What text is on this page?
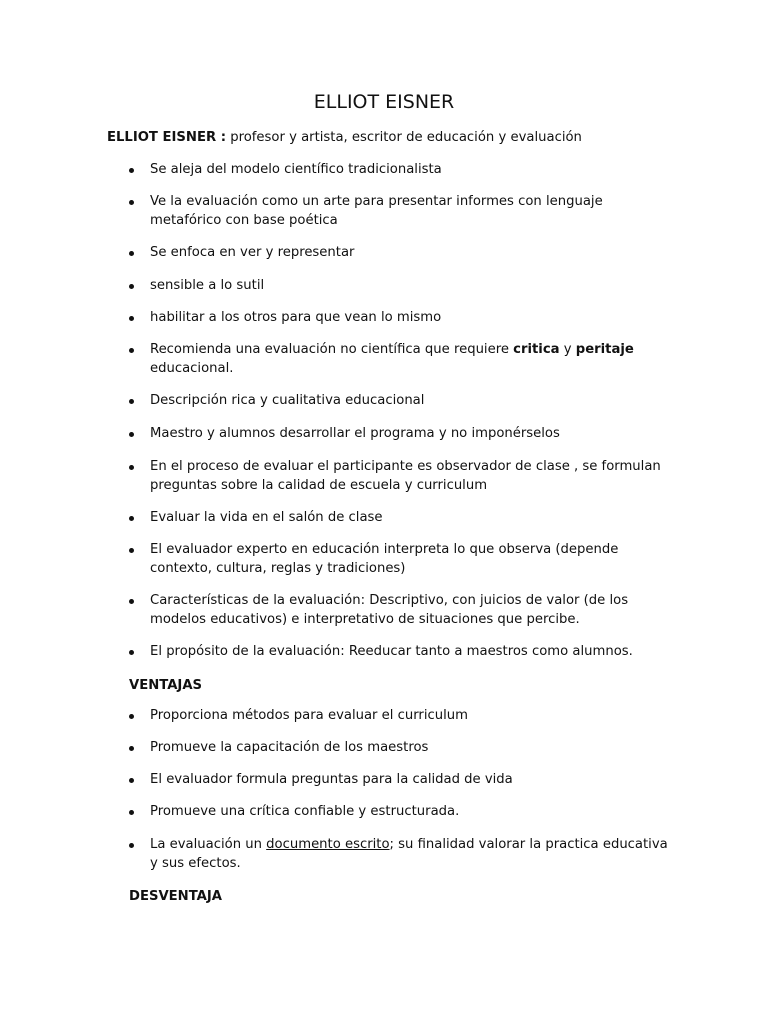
ELLIOT EISNER
ELLIOT EISNER : profesor y artista, escritor de educación y evaluación
Se aleja del modelo científico tradicionalista
Ve la evaluación como un arte para presentar informes con lenguaje metafórico con base poética
Se enfoca en ver y representar
sensible a lo sutil
habilitar a los otros para que vean lo mismo
Recomienda una evaluación no científica que requiere critica y peritaje educacional.
Descripción rica y cualitativa educacional
Maestro y alumnos desarrollar el programa y no imponérselos
En el proceso de evaluar el participante es observador de clase , se formulan preguntas sobre la calidad de escuela y curriculum
Evaluar la vida en el salón de clase
El evaluador experto en educación interpreta lo que observa (depende contexto, cultura, reglas y tradiciones)
Características de la evaluación: Descriptivo, con juicios de valor (de los modelos educativos) e interpretativo de situaciones que percibe.
El propósito de la evaluación: Reeducar tanto a maestros como alumnos.
VENTAJAS
Proporciona métodos para evaluar el curriculum
Promueve la capacitación de los maestros
El evaluador formula preguntas para la calidad de vida
Promueve una crítica confiable y estructurada.
La evaluación un documento escrito; su finalidad valorar la practica educativa y sus efectos.
DESVENTAJA
